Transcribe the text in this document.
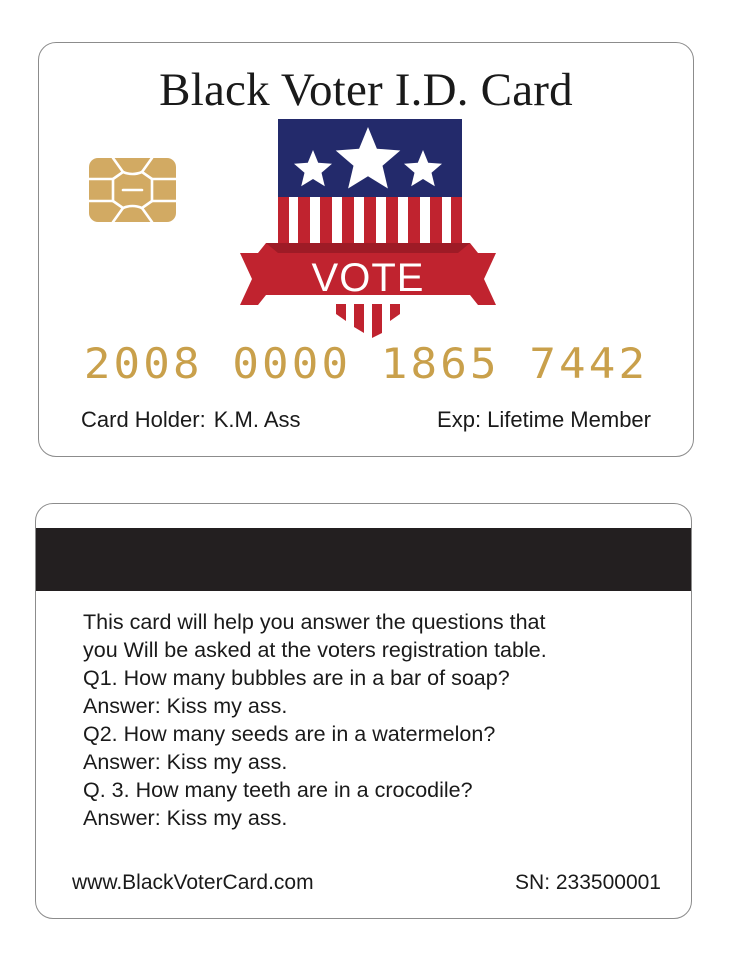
Black Voter I.D. Card
VOTE
2008 0000 1865 7442
Card Holder: K.M. Ass	Exp: Lifetime Member
This card will help you answer the questions that
you Will be asked at the voters registration table.
Q1. How many bubbles are in a bar of soap?
Answer: Kiss my ass.
Q2. How many seeds are in a watermelon?
Answer: Kiss my ass.
Q. 3. How many teeth are in a crocodile?
Answer: Kiss my ass.
www.BlackVoterCard.com	SN: 233500001
